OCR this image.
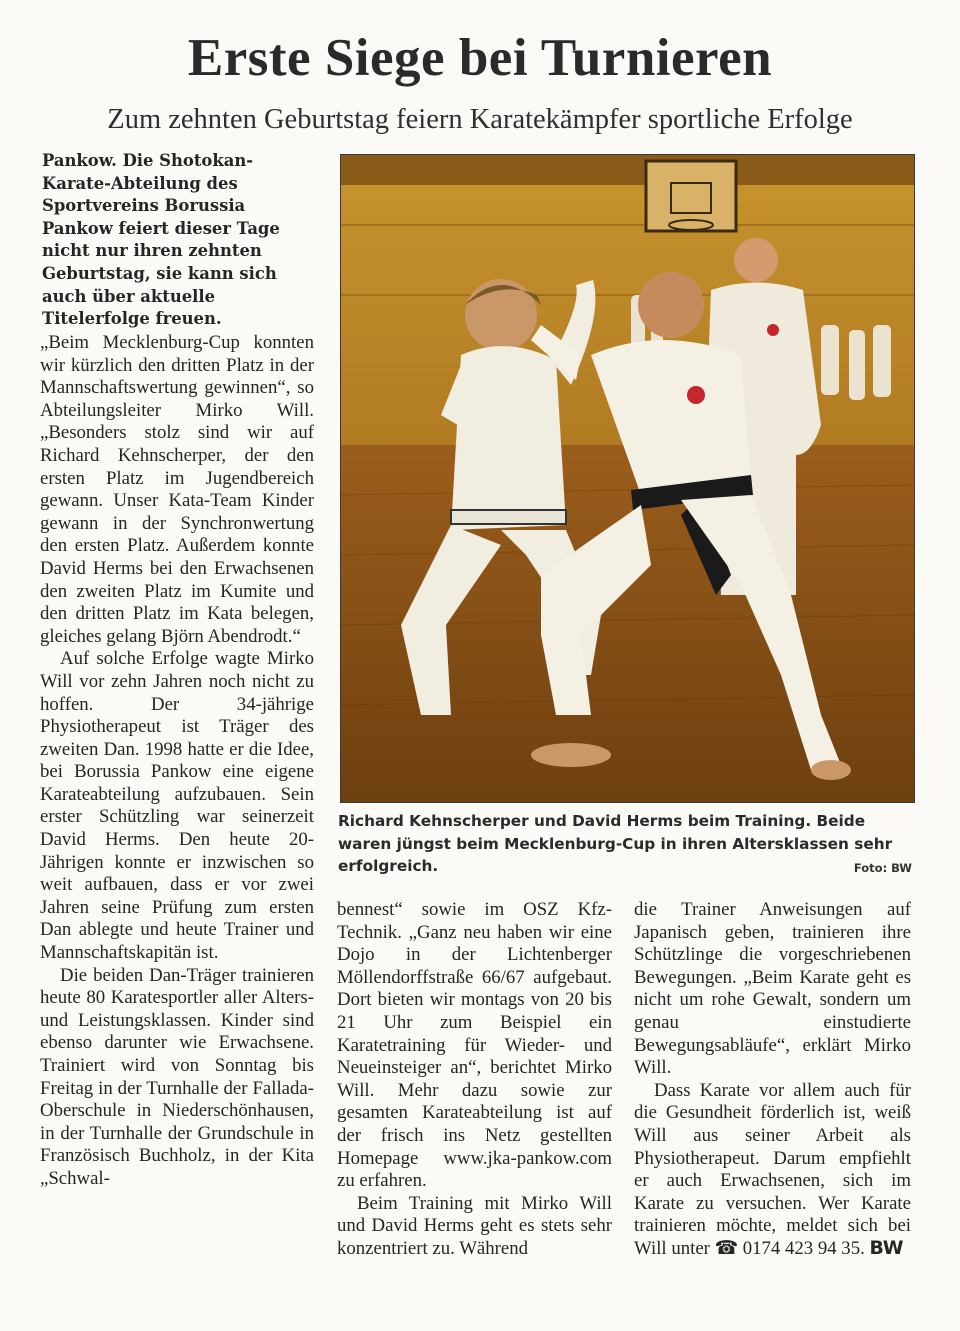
Erste Siege bei Turnieren
Zum zehnten Geburtstag feiern Karatekämpfer sportliche Erfolge
Pankow. Die Shotokan-Karate-Abteilung des Sportvereins Borussia Pankow feiert dieser Tage nicht nur ihren zehnten Geburtstag, sie kann sich auch über aktuelle Titelerfolge freuen.

„Beim Mecklenburg-Cup konnten wir kürzlich den dritten Platz in der Mannschaftswertung gewinnen“, so Abteilungsleiter Mirko Will. „Besonders stolz sind wir auf Richard Kehnscherper, der den ersten Platz im Jugendbereich gewann. Unser Kata-Team Kinder gewann in der Synchronwertung den ersten Platz. Außerdem konnte David Herms bei den Erwachsenen den zweiten Platz im Kumite und den dritten Platz im Kata belegen, gleiches gelang Björn Abendrodt.“

Auf solche Erfolge wagte Mirko Will vor zehn Jahren noch nicht zu hoffen. Der 34-jährige Physiotherapeut ist Träger des zweiten Dan. 1998 hatte er die Idee, bei Borussia Pankow eine eigene Karateabteilung aufzubauen. Sein erster Schützling war seinerzeit David Herms. Den heute 20-Jährigen konnte er inzwischen so weit aufbauen, dass er vor zwei Jahren seine Prüfung zum ersten Dan ablegte und heute Trainer und Mannschaftskapitän ist.

Die beiden Dan-Träger trainieren heute 80 Karatesportler aller Alters- und Leistungsklassen. Kinder sind ebenso darunter wie Erwachsene. Trainiert wird von Sonntag bis Freitag in der Turnhalle der Fallada-Oberschule in Niederschönhausen, in der Turnhalle der Grundschule in Französisch Buchholz, in der Kita „Schwal-

Richard Kehnscherper und David Herms beim Training. Beide waren jüngst beim Mecklenburg-Cup in ihren Altersklassen sehr erfolgreich.	Foto: BW

bennest“ sowie im OSZ Kfz-Technik. „Ganz neu haben wir eine Dojo in der Lichtenberger Möllendorffstraße 66/67 aufgebaut. Dort bieten wir montags von 20 bis 21 Uhr zum Beispiel ein Karatetraining für Wieder- und Neueinsteiger an“, berichtet Mirko Will. Mehr dazu sowie zur gesamten Karateabteilung ist auf der frisch ins Netz gestellten Homepage www.jka-pankow.com zu erfahren.

Beim Training mit Mirko Will und David Herms geht es stets sehr konzentriert zu. Während

die Trainer Anweisungen auf Japanisch geben, trainieren ihre Schützlinge die vorgeschriebenen Bewegungen. „Beim Karate geht es nicht um rohe Gewalt, sondern um genau einstudierte Bewegungsabläufe“, erklärt Mirko Will.

Dass Karate vor allem auch für die Gesundheit förderlich ist, weiß Will aus seiner Arbeit als Physiotherapeut. Darum empfiehlt er auch Erwachsenen, sich im Karate zu versuchen. Wer Karate trainieren möchte, meldet sich bei Will unter ☎ 0174 423 94 35. BW
